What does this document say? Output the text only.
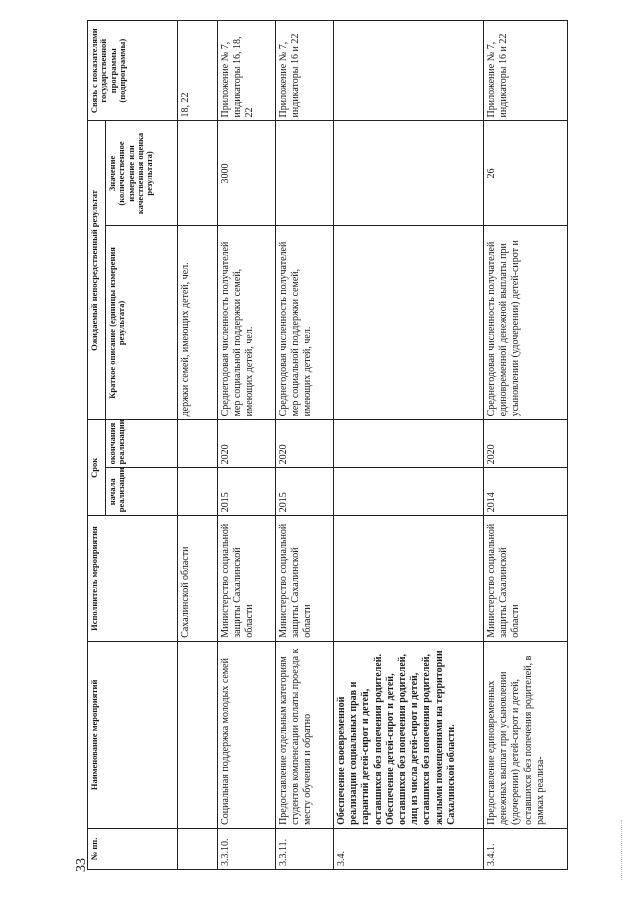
33
№ пп.	Наименование мероприятий	Исполнитель мероприятия	Срок		Ожидаемый непосредственный результат		Связь с показателями государственной программы (подпрограммы)
			начала реализации	окончания реализации	Краткое описание (единицы измерения результата)	Значение (количественное измерение или качественная оценка результата)	
		Сахалинской области			держки семей, имеющих детей, чел.		18, 22
3.3.10.	Социальная поддержка молодых семей	Министерство социальной защиты Сахалинской области	2015	2020	Среднегодовая численность получателей мер социальной поддержки семей, имеющих детей, чел.	3000	Приложение № 7, индикаторы 16, 18, 22
3.3.11.	Предоставление отдельным категориям студентов компенсации оплаты проезда к месту обучения и обратно	Министерство социальной защиты Сахалинской области	2015	2020	Среднегодовая численность получателей мер социальной поддержки семей, имеющих детей, чел.		Приложение № 7, индикаторы 16 и 22
3.4.	Обеспечение своевременной реализации социальных прав и гарантий детей-сирот и детей, оставшихся без попечения родителей. Обеспечение детей-сирот и детей, оставшихся без попечения родителей, лиц из числа детей-сирот и детей, оставшихся без попечения родителей, жилыми помещениями на территории Сахалинской области.						
3.4.1.	Предоставление единовременных денежных выплат при усыновлении (удочерении) детей-сирот и детей, оставшихся без попечения родителей, в рамках реализа-	Министерство социальной защиты Сахалинской области	2014	2020	Среднегодовая численность получателей единовременной денежной выплаты при усыновлении (удочерении) детей-сирот и	26	Приложение № 7, индикаторы 16 и 22
